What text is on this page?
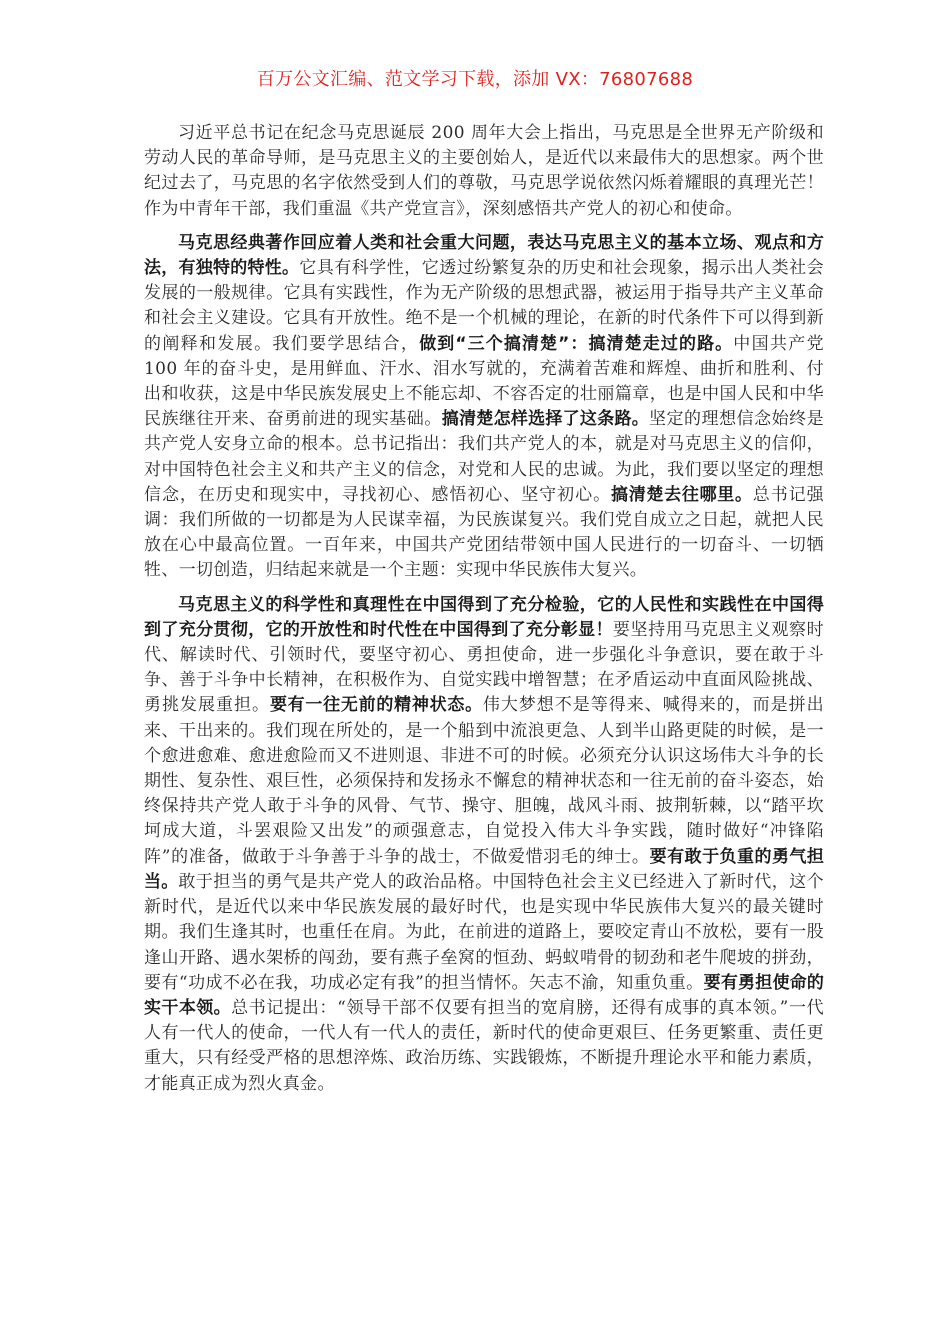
百万公文汇编、范文学习下载，添加 VX：76807688

习近平总书记在纪念马克思诞辰 200 周年大会上指出，马克思是全世界无产阶级和劳动人民的革命导师，是马克思主义的主要创始人，是近代以来最伟大的思想家。两个世纪过去了，马克思的名字依然受到人们的尊敬，马克思学说依然闪烁着耀眼的真理光芒！作为中青年干部，我们重温《共产党宣言》，深刻感悟共产党人的初心和使命。

马克思经典著作回应着人类和社会重大问题，表达马克思主义的基本立场、观点和方法，有独特的特性。它具有科学性，它透过纷繁复杂的历史和社会现象，揭示出人类社会发展的一般规律。它具有实践性，作为无产阶级的思想武器，被运用于指导共产主义革命和社会主义建设。它具有开放性。绝不是一个机械的理论，在新的时代条件下可以得到新的阐释和发展。我们要学思结合，做到“三个搞清楚”：搞清楚走过的路。中国共产党 100 年的奋斗史，是用鲜血、汗水、泪水写就的，充满着苦难和辉煌、曲折和胜利、付出和收获，这是中华民族发展史上不能忘却、不容否定的壮丽篇章，也是中国人民和中华民族继往开来、奋勇前进的现实基础。搞清楚怎样选择了这条路。坚定的理想信念始终是共产党人安身立命的根本。总书记指出：我们共产党人的本，就是对马克思主义的信仰，对中国特色社会主义和共产主义的信念，对党和人民的忠诚。为此，我们要以坚定的理想信念，在历史和现实中，寻找初心、感悟初心、坚守初心。搞清楚去往哪里。总书记强调：我们所做的一切都是为人民谋幸福，为民族谋复兴。我们党自成立之日起，就把人民放在心中最高位置。一百年来，中国共产党团结带领中国人民进行的一切奋斗、一切牺牲、一切创造，归结起来就是一个主题：实现中华民族伟大复兴。

马克思主义的科学性和真理性在中国得到了充分检验，它的人民性和实践性在中国得到了充分贯彻，它的开放性和时代性在中国得到了充分彰显！要坚持用马克思主义观察时代、解读时代、引领时代，要坚守初心、勇担使命，进一步强化斗争意识，要在敢于斗争、善于斗争中长精神，在积极作为、自觉实践中增智慧；在矛盾运动中直面风险挑战、勇挑发展重担。要有一往无前的精神状态。伟大梦想不是等得来、喊得来的，而是拼出来、干出来的。我们现在所处的，是一个船到中流浪更急、人到半山路更陡的时候，是一个愈进愈难、愈进愈险而又不进则退、非进不可的时候。必须充分认识这场伟大斗争的长期性、复杂性、艰巨性，必须保持和发扬永不懈怠的精神状态和一往无前的奋斗姿态，始终保持共产党人敢于斗争的风骨、气节、操守、胆魄，战风斗雨、披荆斩棘，以“踏平坎坷成大道，斗罢艰险又出发”的顽强意志，自觉投入伟大斗争实践，随时做好“冲锋陷阵”的准备，做敢于斗争善于斗争的战士，不做爱惜羽毛的绅士。要有敢于负重的勇气担当。敢于担当的勇气是共产党人的政治品格。中国特色社会主义已经进入了新时代，这个新时代，是近代以来中华民族发展的最好时代，也是实现中华民族伟大复兴的最关键时期。我们生逢其时，也重任在肩。为此，在前进的道路上，要咬定青山不放松，要有一股逢山开路、遇水架桥的闯劲，要有燕子垒窝的恒劲、蚂蚁啃骨的韧劲和老牛爬坡的拼劲，要有“功成不必在我，功成必定有我”的担当情怀。矢志不渝，知重负重。要有勇担使命的实干本领。总书记提出：“领导干部不仅要有担当的宽肩膀，还得有成事的真本领。”一代人有一代人的使命，一代人有一代人的责任，新时代的使命更艰巨、任务更繁重、责任更重大，只有经受严格的思想淬炼、政治历练、实践锻炼，不断提升理论水平和能力素质，才能真正成为烈火真金。
